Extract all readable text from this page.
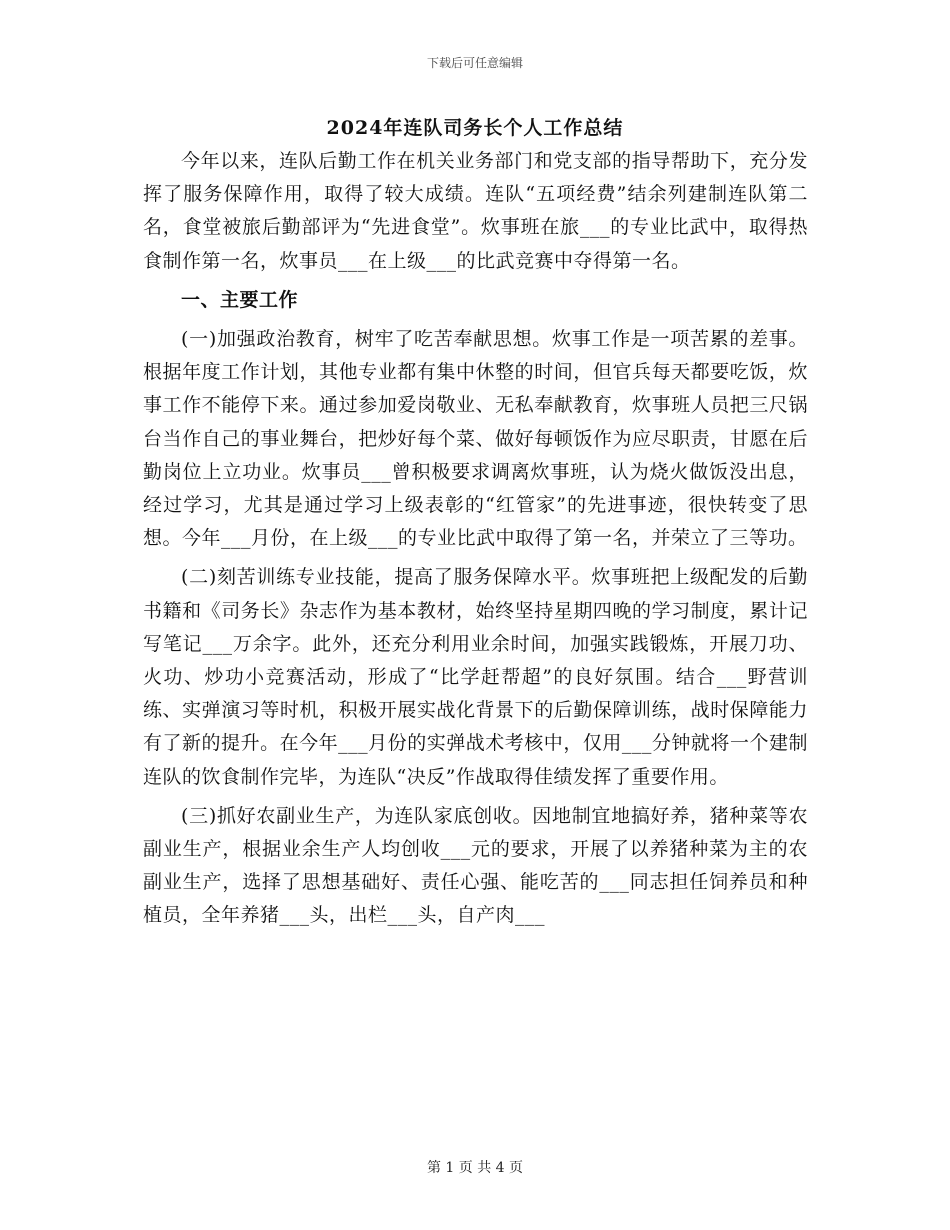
下载后可任意编辑
2024年连队司务长个人工作总结

今年以来，连队后勤工作在机关业务部门和党支部的指导帮助下，充分发挥了服务保障作用，取得了较大成绩。连队“五项经费”结余列建制连队第二名，食堂被旅后勤部评为“先进食堂”。炊事班在旅___的专业比武中，取得热食制作第一名，炊事员___在上级___的比武竞赛中夺得第一名。

一、主要工作

(一)加强政治教育，树牢了吃苦奉献思想。炊事工作是一项苦累的差事。根据年度工作计划，其他专业都有集中休整的时间，但官兵每天都要吃饭，炊事工作不能停下来。通过参加爱岗敬业、无私奉献教育，炊事班人员把三尺锅台当作自己的事业舞台，把炒好每个菜、做好每顿饭作为应尽职责，甘愿在后勤岗位上立功业。炊事员___曾积极要求调离炊事班，认为烧火做饭没出息，经过学习，尤其是通过学习上级表彰的“红管家”的先进事迹，很快转变了思想。今年___月份，在上级___的专业比武中取得了第一名，并荣立了三等功。

(二)刻苦训练专业技能，提高了服务保障水平。炊事班把上级配发的后勤书籍和《司务长》杂志作为基本教材，始终坚持星期四晚的学习制度，累计记写笔记___万余字。此外，还充分利用业余时间，加强实践锻炼，开展刀功、火功、炒功小竞赛活动，形成了“比学赶帮超”的良好氛围。结合___野营训练、实弹演习等时机，积极开展实战化背景下的后勤保障训练，战时保障能力有了新的提升。在今年___月份的实弹战术考核中，仅用___分钟就将一个建制连队的饮食制作完毕，为连队“决反”作战取得佳绩发挥了重要作用。

(三)抓好农副业生产，为连队家底创收。因地制宜地搞好养，猪种菜等农副业生产，根据业余生产人均创收___元的要求，开展了以养猪种菜为主的农副业生产，选择了思想基础好、责任心强、能吃苦的___同志担任饲养员和种植员，全年养猪___头，出栏___头，自产肉___

第 1 页 共 4 页
